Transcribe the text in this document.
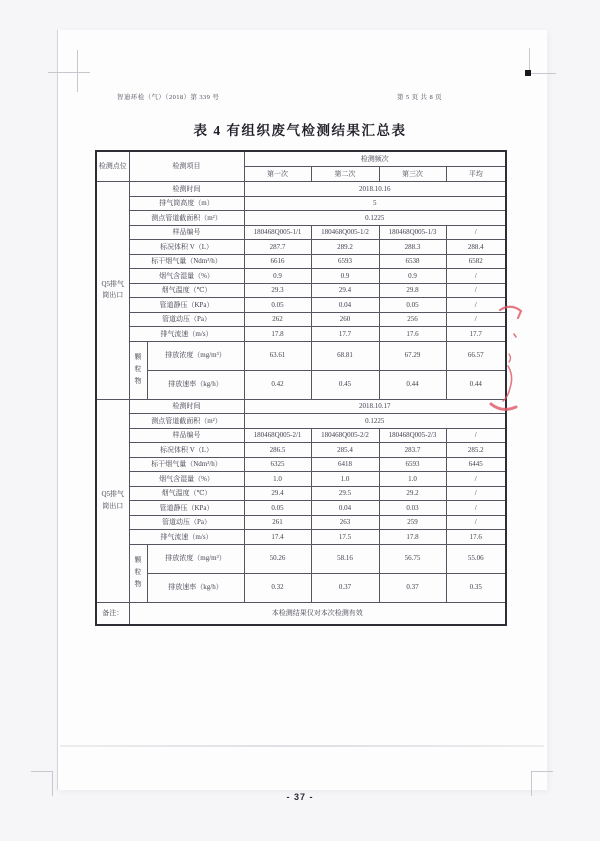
智迪环检（气）（2018）第 339 号	第 5 页 共 8 页
表 4 有组织废气检测结果汇总表
检测点位	检测项目		检测频次			
			第一次	第二次	第三次	平均
Q5排气筒出口	检测时间		2018.10.16			
	排气筒高度（m）		5			
	测点管道截面积（m²）		0.1225			
	样品编号		180468Q005-1/1	180468Q005-1/2	180468Q005-1/3	/
	标况体积 V（L）		287.7	289.2	288.3	288.4
	标干烟气量（Ndm³/h）		6616	6593	6538	6582
	烟气含湿量（%）		0.9	0.9	0.9	/
	烟气温度（℃）		29.3	29.4	29.8	/
	管道静压（KPa）		0.05	0.04	0.05	/
	管道动压（Pa）		262	260	256	/
	排气流速（m/s）		17.8	17.7	17.6	17.7

	颗粒物	排放浓度（mg/m³）	63.61	68.81	67.29	66.57
		排放速率（kg/h）	0.42	0.45	0.44	0.44
Q5排气筒出口	检测时间		2018.10.17			
	测点管道截面积（m²）		0.1225			
	样品编号		180468Q005-2/1	180468Q005-2/2	180468Q005-2/3	/
	标况体积 V（L）		286.5	285.4	283.7	285.2
	标干烟气量（Ndm³/h）		6325	6418	6593	6445
	烟气含湿量（%）		1.0	1.0	1.0	/
	烟气温度（℃）		29.4	29.5	29.2	/
	管道静压（KPa）		0.05	0.04	0.03	/
	管道动压（Pa）		261	263	259	/
	排气流速（m/s）		17.4	17.5	17.8	17.6

	颗粒物	排放浓度（mg/m³）	50.26	58.16	56.75	55.06
		排放速率（kg/h）	0.32	0.37	0.37	0.35
备注：	本检测结果仅对本次检测有效					
- 37 -
